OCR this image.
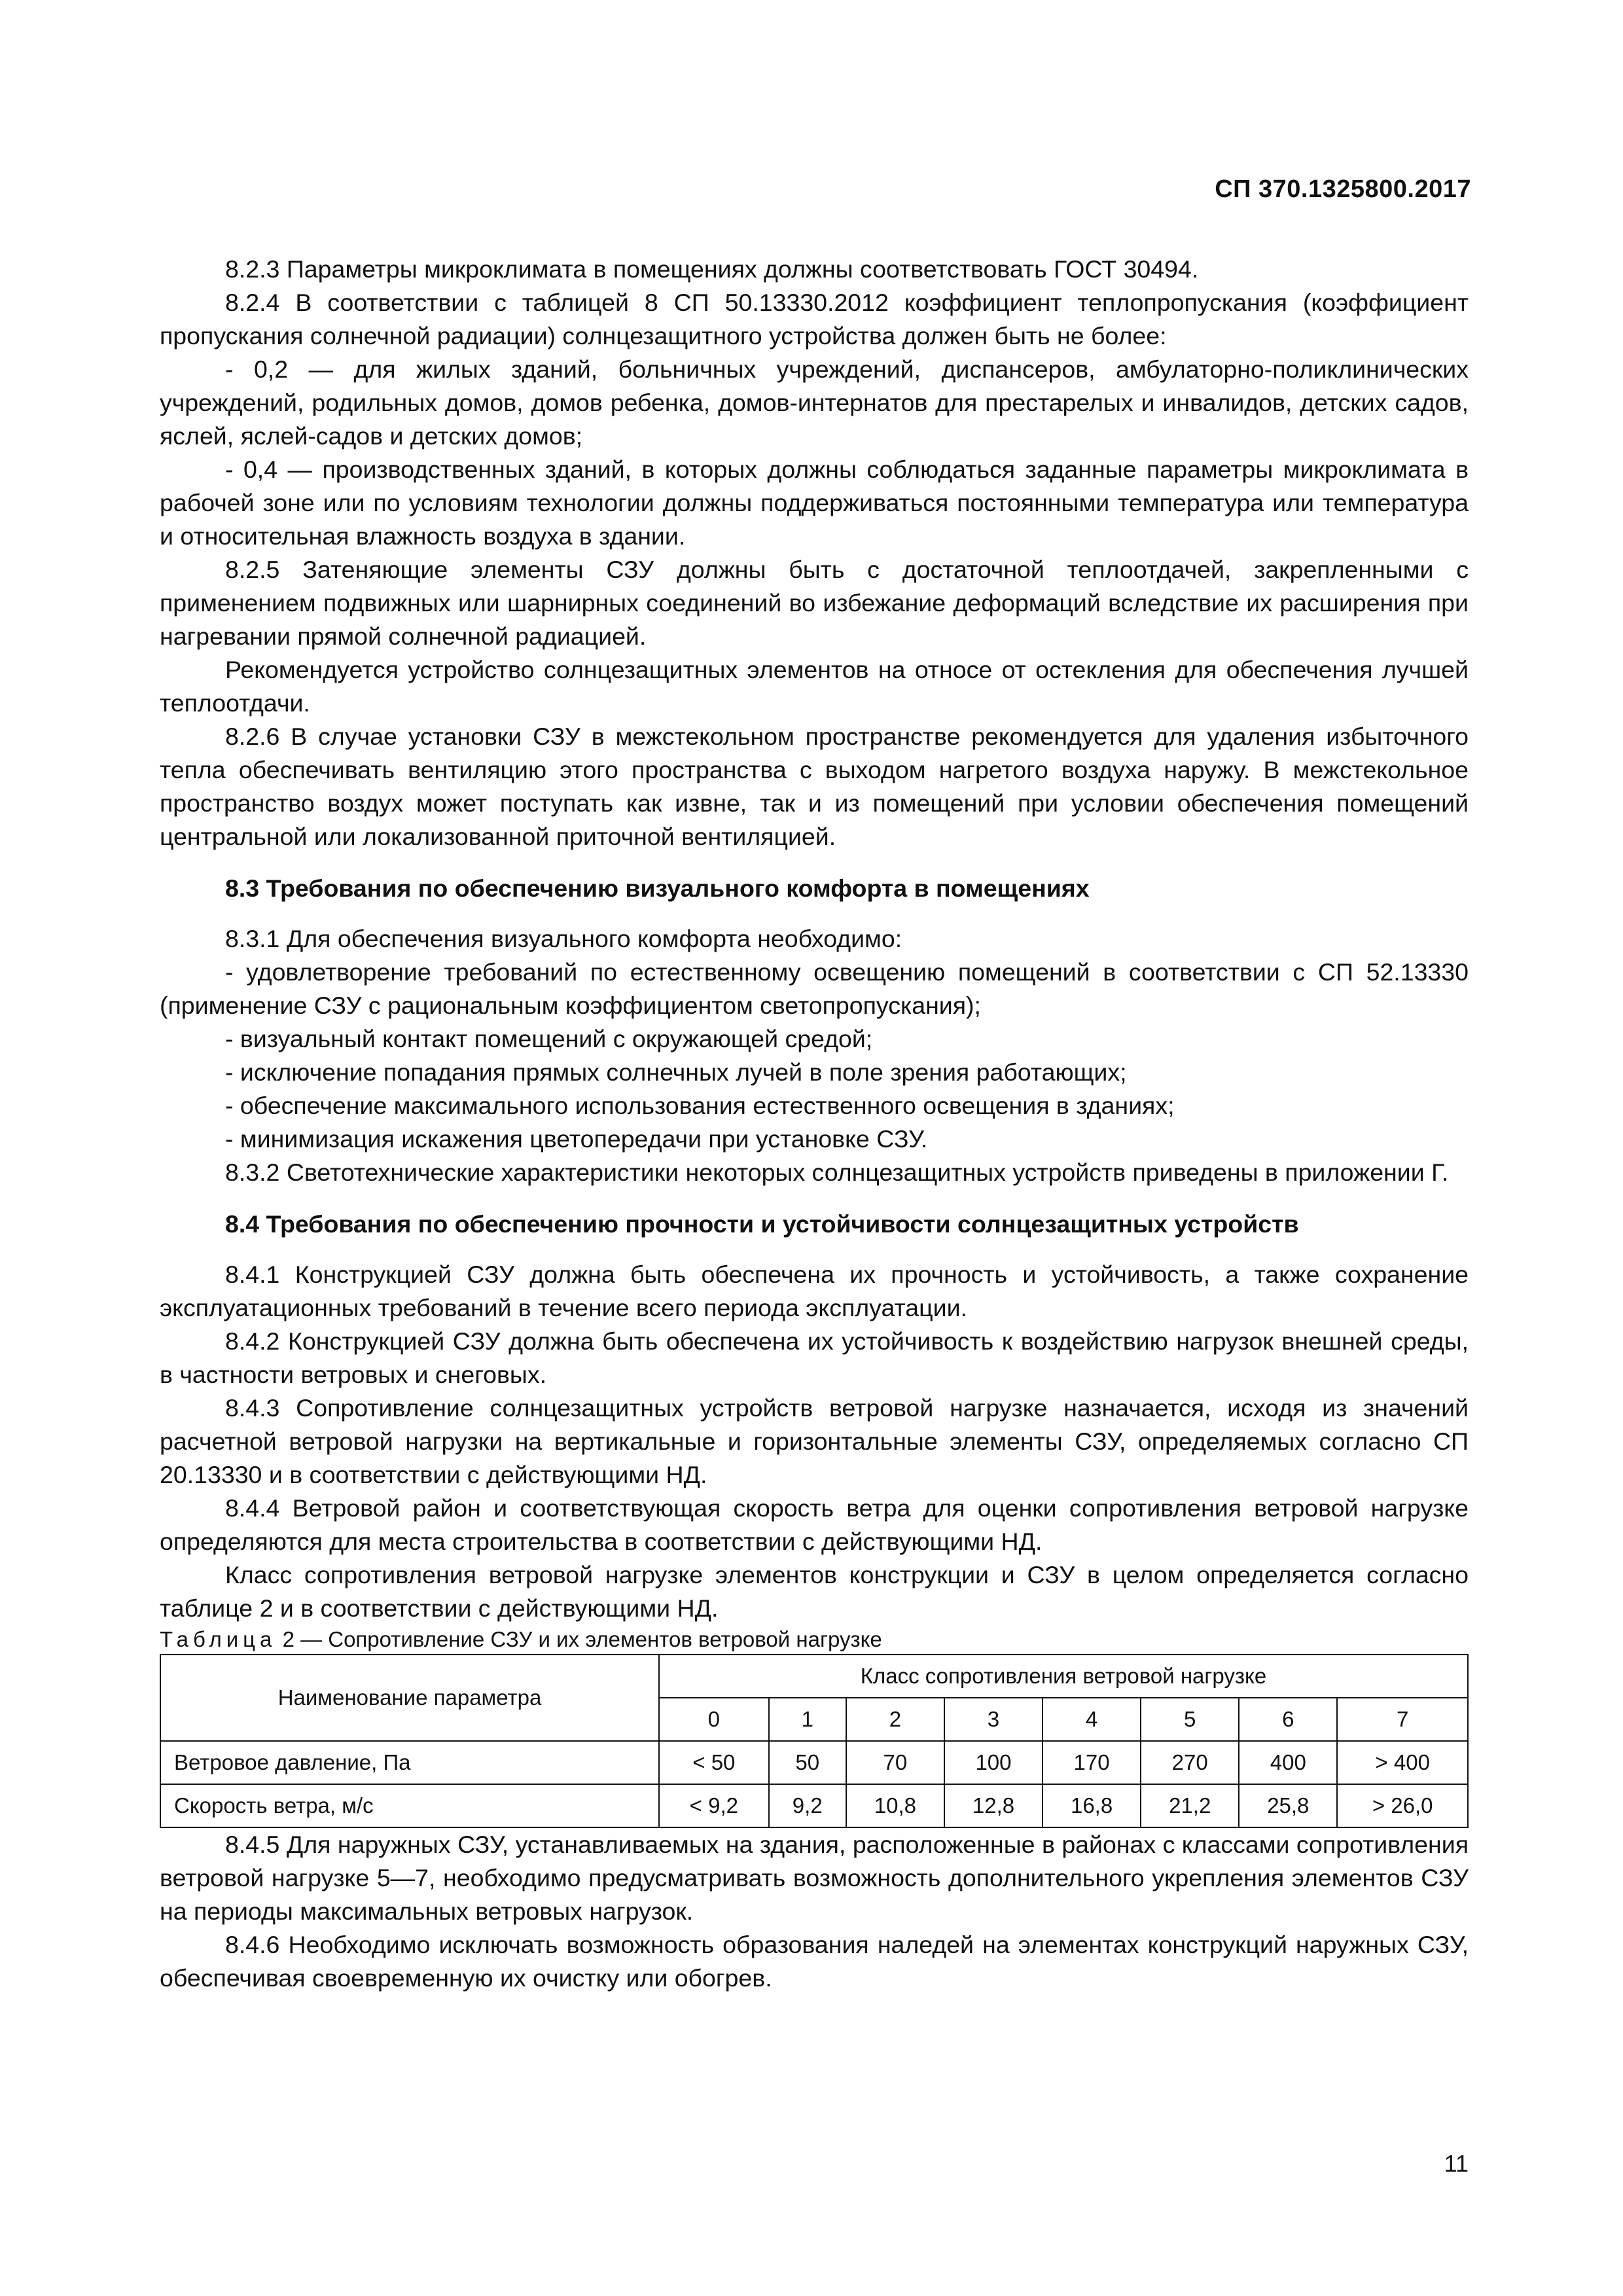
СП 370.1325800.2017

8.2.3 Параметры микроклимата в помещениях должны соответствовать ГОСТ 30494.

8.2.4 В соответствии с таблицей 8 СП 50.13330.2012 коэффициент теплопропускания (коэффициент пропускания солнечной радиации) солнцезащитного устройства должен быть не более:

- 0,2 — для жилых зданий, больничных учреждений, диспансеров, амбулаторно-поликлинических учреждений, родильных домов, домов ребенка, домов-интернатов для престарелых и инвалидов, детских садов, яслей, яслей-садов и детских домов;

- 0,4 — производственных зданий, в которых должны соблюдаться заданные параметры микроклимата в рабочей зоне или по условиям технологии должны поддерживаться постоянными температура или температура и относительная влажность воздуха в здании.

8.2.5 Затеняющие элементы СЗУ должны быть с достаточной теплоотдачей, закрепленными с применением подвижных или шарнирных соединений во избежание деформаций вследствие их расширения при нагревании прямой солнечной радиацией.

Рекомендуется устройство солнцезащитных элементов на относе от остекления для обеспечения лучшей теплоотдачи.

8.2.6 В случае установки СЗУ в межстекольном пространстве рекомендуется для удаления избыточного тепла обеспечивать вентиляцию этого пространства с выходом нагретого воздуха наружу. В межстекольное пространство воздух может поступать как извне, так и из помещений при условии обеспечения помещений центральной или локализованной приточной вентиляцией.

8.3 Требования по обеспечению визуального комфорта в помещениях

8.3.1 Для обеспечения визуального комфорта необходимо:

- удовлетворение требований по естественному освещению помещений в соответствии с СП 52.13330 (применение СЗУ с рациональным коэффициентом светопропускания);

- визуальный контакт помещений с окружающей средой;

- исключение попадания прямых солнечных лучей в поле зрения работающих;

- обеспечение максимального использования естественного освещения в зданиях;

- минимизация искажения цветопередачи при установке СЗУ.

8.3.2 Светотехнические характеристики некоторых солнцезащитных устройств приведены в приложении Г.

8.4 Требования по обеспечению прочности и устойчивости солнцезащитных устройств

8.4.1 Конструкцией СЗУ должна быть обеспечена их прочность и устойчивость, а также сохранение эксплуатационных требований в течение всего периода эксплуатации.

8.4.2 Конструкцией СЗУ должна быть обеспечена их устойчивость к воздействию нагрузок внешней среды, в частности ветровых и снеговых.

8.4.3 Сопротивление солнцезащитных устройств ветровой нагрузке назначается, исходя из значений расчетной ветровой нагрузки на вертикальные и горизонтальные элементы СЗУ, определяемых согласно СП 20.13330 и в соответствии с действующими НД.

8.4.4 Ветровой район и соответствующая скорость ветра для оценки сопротивления ветровой нагрузке определяются для места строительства в соответствии с действующими НД.

Класс сопротивления ветровой нагрузке элементов конструкции и СЗУ в целом определяется согласно таблице 2 и в соответствии с действующими НД.

Таблица 2 — Сопротивление СЗУ и их элементов ветровой нагрузке

Наименование параметра	Класс сопротивления ветровой нагрузке							
	0	1	2	3	4	5	6	7
Ветровое давление, Па	< 50	50	70	100	170	270	400	> 400
Скорость ветра, м/с	< 9,2	9,2	10,8	12,8	16,8	21,2	25,8	> 26,0

8.4.5 Для наружных СЗУ, устанавливаемых на здания, расположенные в районах с классами сопротивления ветровой нагрузке 5—7, необходимо предусматривать возможность дополнительного укрепления элементов СЗУ на периоды максимальных ветровых нагрузок.

8.4.6 Необходимо исключать возможность образования наледей на элементах конструкций наружных СЗУ, обеспечивая своевременную их очистку или обогрев.

11
